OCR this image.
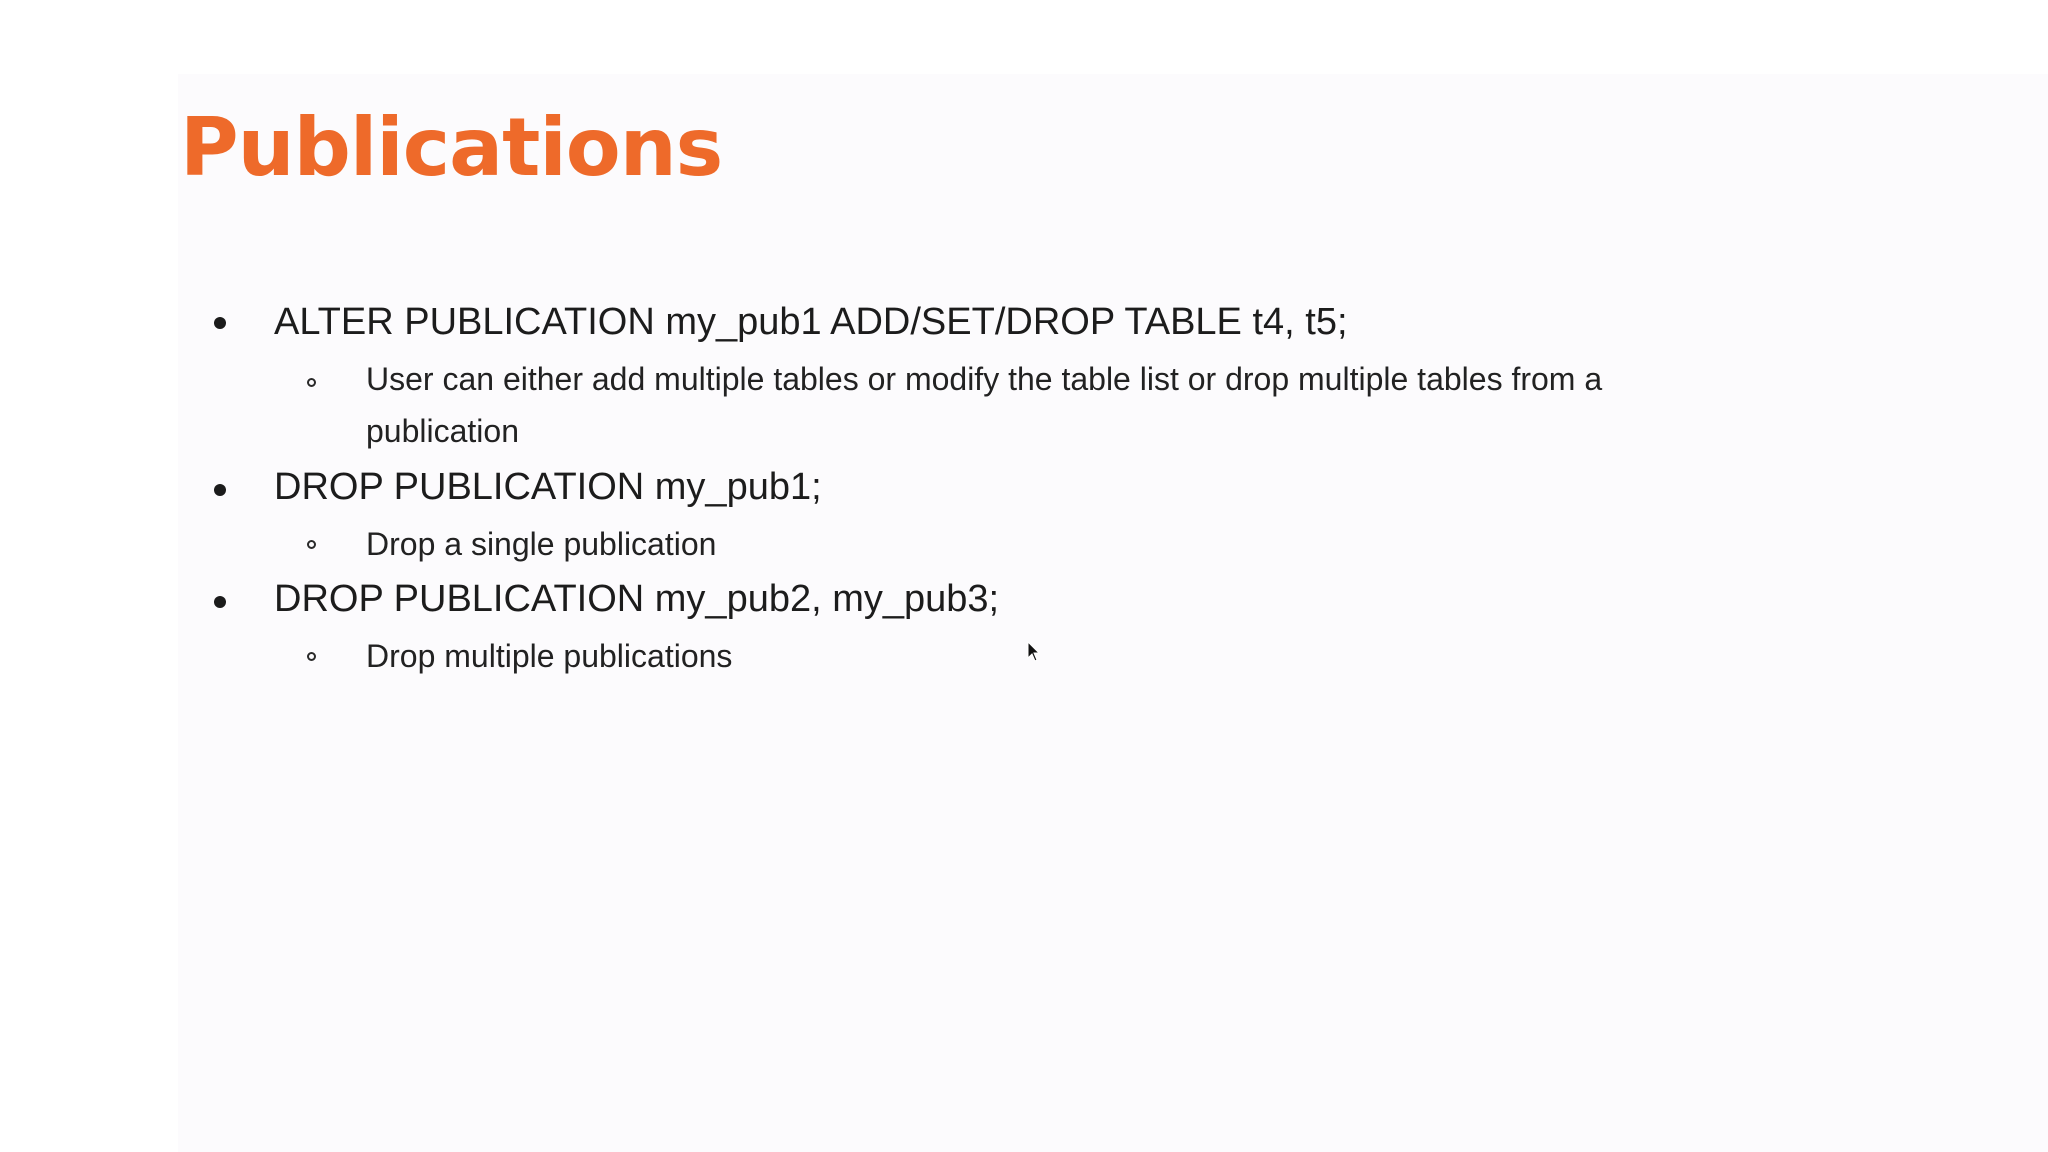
Publications
ALTER PUBLICATION my_pub1 ADD/SET/DROP TABLE t4, t5;
User can either add multiple tables or modify the table list or drop multiple tables from a publication
DROP PUBLICATION my_pub1;
Drop a single publication
DROP PUBLICATION my_pub2, my_pub3;
Drop multiple publications
